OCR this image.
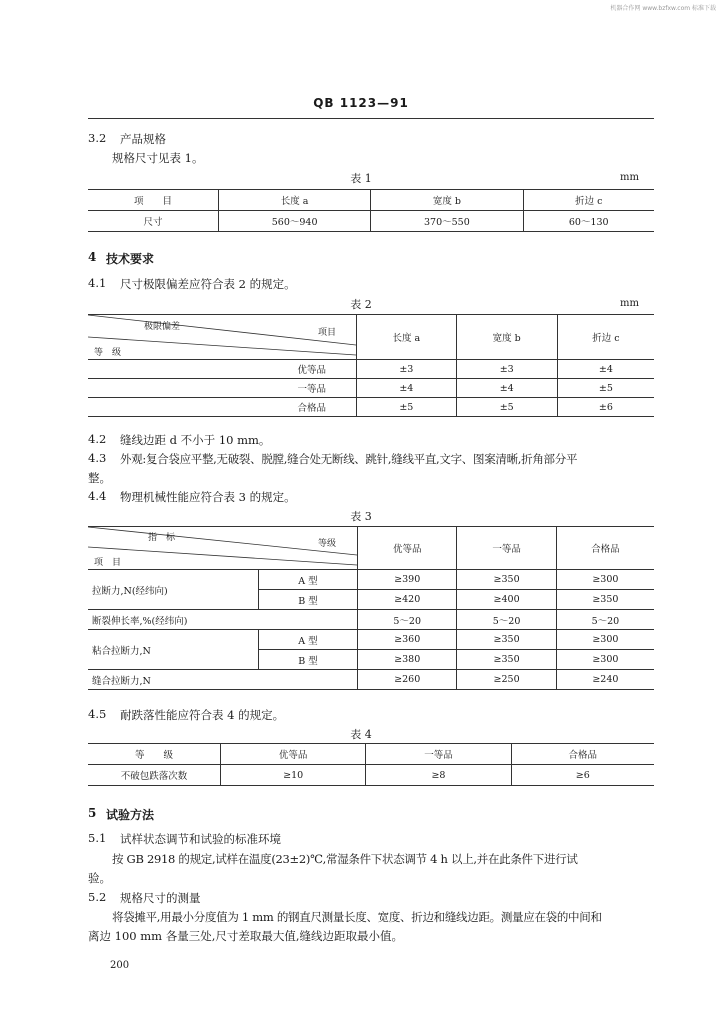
机器合作网 www.bzfxw.com 标准下载
QB 1123—91
3.2 产品规格
规格尺寸见表 1。
表 1	mm
项　　目	长度 a	宽度 b	折边 c
尺寸	560～940	370～550	60～130
4 技术要求
4.1 尺寸极限偏差应符合表 2 的规定。
表 2	mm
极限偏差
项目
等　级	长度 a	宽度 b	折边 c
优等品	±3	±3	±4
一等品	±4	±4	±5
合格品	±5	±5	±6
4.2 缝线边距 d 不小于 10 mm。
4.3 外观:复合袋应平整,无破裂、脱膛,缝合处无断线、跳针,缝线平直,文字、图案清晰,折角部分平
整。
4.4 物理机械性能应符合表 3 的规定。
表 3
指　标
等级
项　目		优等品	一等品	合格品
拉断力,N(经纬向)	A 型	≥390	≥350	≥300
	B 型	≥420	≥400	≥350
断裂伸长率,%(经纬向)		5～20	5～20	5～20
粘合拉断力,N	A 型	≥360	≥350	≥300
	B 型	≥380	≥350	≥300
缝合拉断力,N		≥260	≥250	≥240
4.5 耐跌落性能应符合表 4 的规定。
表 4
等　　级	优等品	一等品	合格品
不破包跌落次数	≥10	≥8	≥6
5 试验方法
5.1 试样状态调节和试验的标准环境
按 GB 2918 的规定,试样在温度(23±2)℃,常湿条件下状态调节 4 h 以上,并在此条件下进行试
验。
5.2 规格尺寸的测量
将袋摊平,用最小分度值为 1 mm 的钢直尺测量长度、宽度、折边和缝线边距。测量应在袋的中间和
离边 100 mm 各量三处,尺寸差取最大值,缝线边距取最小值。
200
